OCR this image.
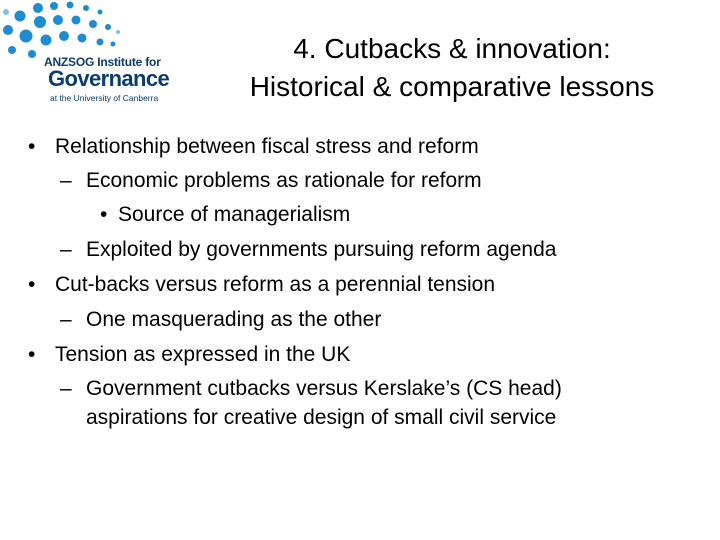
ANZSOG Institute for
Governance
at the University of Canberra
4. Cutbacks & innovation:
Historical & comparative lessons
• Relationship between fiscal stress and reform
– Economic problems as rationale for reform
• Source of managerialism
– Exploited by governments pursuing reform agenda
• Cut-backs versus reform as a perennial tension
– One masquerading as the other
• Tension as expressed in the UK
– Government cutbacks versus Kerslake’s (CS head)
aspirations for creative design of small civil service
